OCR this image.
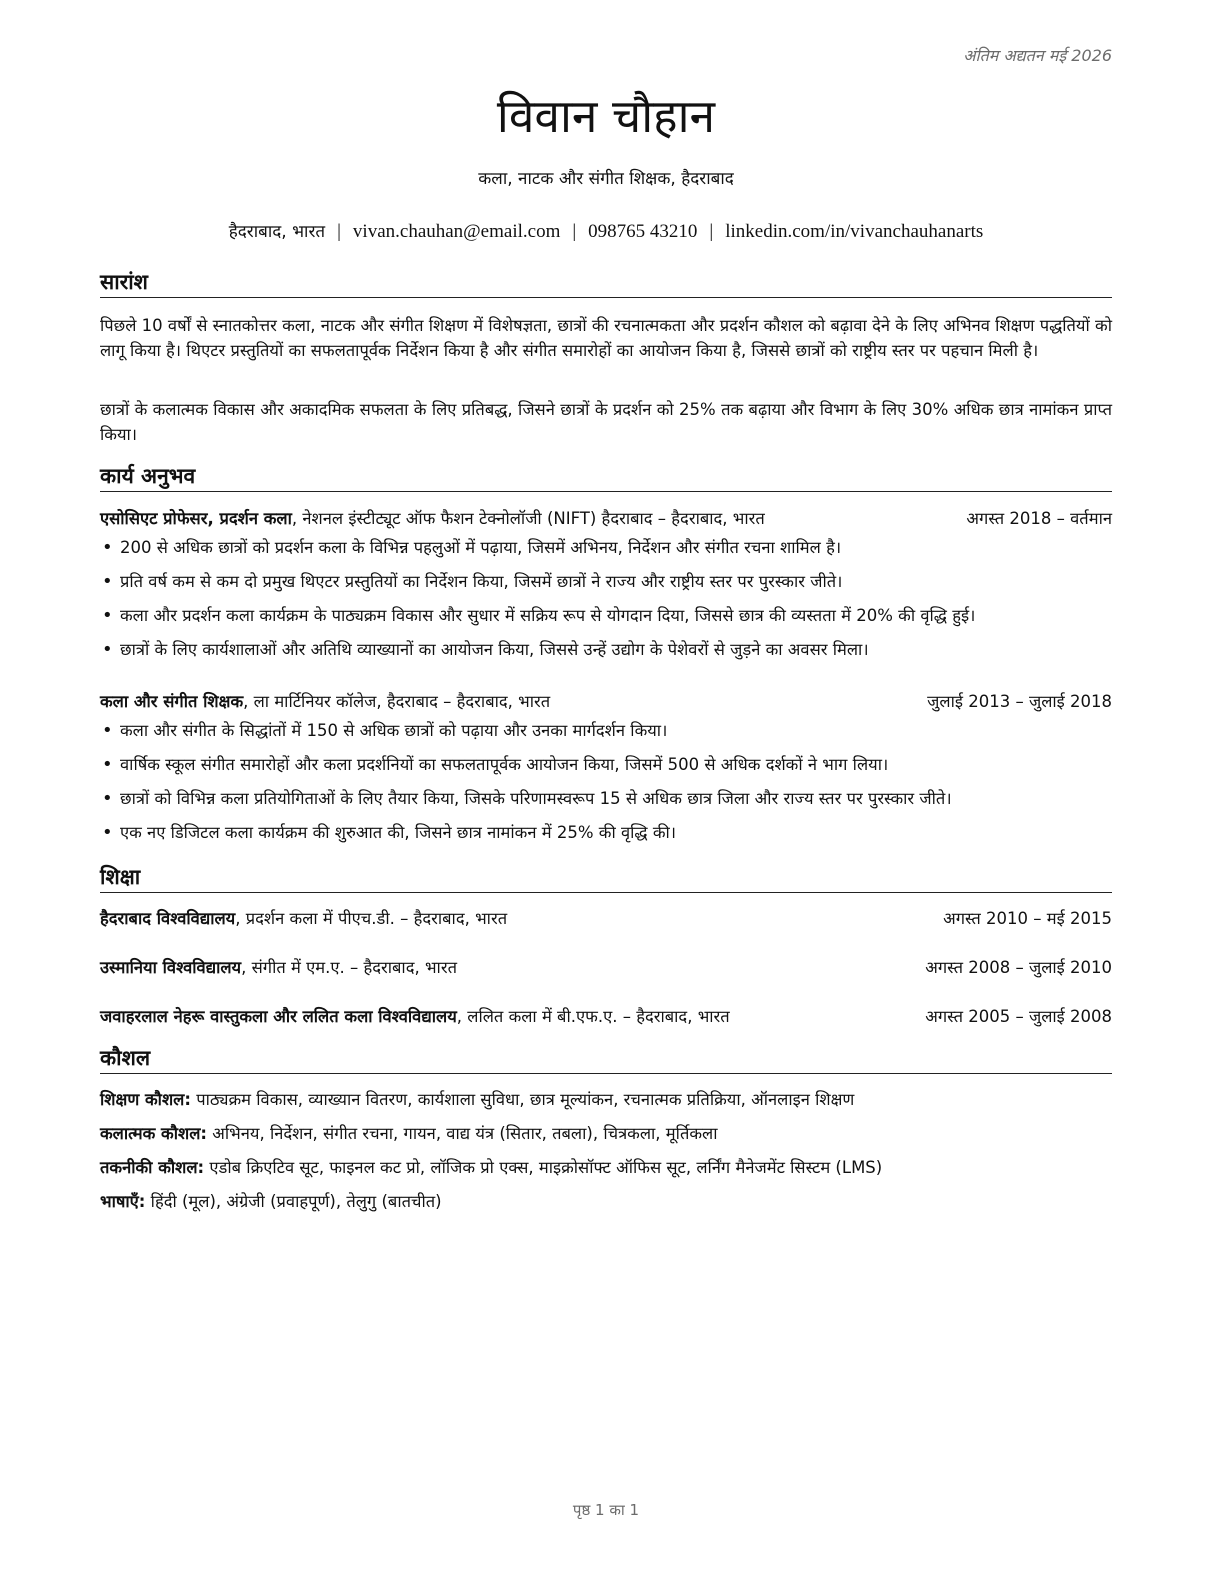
अंतिम अद्यतन मई 2026
विवान चौहान
कला, नाटक और संगीत शिक्षक, हैदराबाद
हैदराबाद, भारत | vivan.chauhan@email.com | 098765 43210 | linkedin.com/in/vivanchauhanarts
सारांश

पिछले 10 वर्षों से स्नातकोत्तर कला, नाटक और संगीत शिक्षण में विशेषज्ञता, छात्रों की रचनात्मकता और प्रदर्शन कौशल को बढ़ावा देने के लिए अभिनव शिक्षण पद्धतियों को लागू किया है। थिएटर प्रस्तुतियों का सफलतापूर्वक निर्देशन किया है और संगीत समारोहों का आयोजन किया है, जिससे छात्रों को राष्ट्रीय स्तर पर पहचान मिली है।

छात्रों के कलात्मक विकास और अकादमिक सफलता के लिए प्रतिबद्ध, जिसने छात्रों के प्रदर्शन को 25% तक बढ़ाया और विभाग के लिए 30% अधिक छात्र नामांकन प्राप्त किया।

कार्य अनुभव
एसोसिएट प्रोफेसर, प्रदर्शन कला, नेशनल इंस्टीट्यूट ऑफ फैशन टेक्नोलॉजी (NIFT) हैदराबाद – हैदराबाद, भारत	अगस्त 2018 – वर्तमान
• 200 से अधिक छात्रों को प्रदर्शन कला के विभिन्न पहलुओं में पढ़ाया, जिसमें अभिनय, निर्देशन और संगीत रचना शामिल है।
• प्रति वर्ष कम से कम दो प्रमुख थिएटर प्रस्तुतियों का निर्देशन किया, जिसमें छात्रों ने राज्य और राष्ट्रीय स्तर पर पुरस्कार जीते।
• कला और प्रदर्शन कला कार्यक्रम के पाठ्यक्रम विकास और सुधार में सक्रिय रूप से योगदान दिया, जिससे छात्र की व्यस्तता में 20% की वृद्धि हुई।
• छात्रों के लिए कार्यशालाओं और अतिथि व्याख्यानों का आयोजन किया, जिससे उन्हें उद्योग के पेशेवरों से जुड़ने का अवसर मिला।
कला और संगीत शिक्षक, ला मार्टिनियर कॉलेज, हैदराबाद – हैदराबाद, भारत	जुलाई 2013 – जुलाई 2018
• कला और संगीत के सिद्धांतों में 150 से अधिक छात्रों को पढ़ाया और उनका मार्गदर्शन किया।
• वार्षिक स्कूल संगीत समारोहों और कला प्रदर्शनियों का सफलतापूर्वक आयोजन किया, जिसमें 500 से अधिक दर्शकों ने भाग लिया।
• छात्रों को विभिन्न कला प्रतियोगिताओं के लिए तैयार किया, जिसके परिणामस्वरूप 15 से अधिक छात्र जिला और राज्य स्तर पर पुरस्कार जीते।
• एक नए डिजिटल कला कार्यक्रम की शुरुआत की, जिसने छात्र नामांकन में 25% की वृद्धि की।
शिक्षा
हैदराबाद विश्वविद्यालय, प्रदर्शन कला में पीएच.डी. – हैदराबाद, भारत	अगस्त 2010 – मई 2015
उस्मानिया विश्वविद्यालय, संगीत में एम.ए. – हैदराबाद, भारत	अगस्त 2008 – जुलाई 2010
जवाहरलाल नेहरू वास्तुकला और ललित कला विश्वविद्यालय, ललित कला में बी.एफ.ए. – हैदराबाद, भारत	अगस्त 2005 – जुलाई 2008
कौशल
शिक्षण कौशल: पाठ्यक्रम विकास, व्याख्यान वितरण, कार्यशाला सुविधा, छात्र मूल्यांकन, रचनात्मक प्रतिक्रिया, ऑनलाइन शिक्षण
कलात्मक कौशल: अभिनय, निर्देशन, संगीत रचना, गायन, वाद्य यंत्र (सितार, तबला), चित्रकला, मूर्तिकला
तकनीकी कौशल: एडोब क्रिएटिव सूट, फाइनल कट प्रो, लॉजिक प्रो एक्स, माइक्रोसॉफ्ट ऑफिस सूट, लर्निंग मैनेजमेंट सिस्टम (LMS)
भाषाएँ: हिंदी (मूल), अंग्रेजी (प्रवाहपूर्ण), तेलुगु (बातचीत)
पृष्ठ 1 का 1
